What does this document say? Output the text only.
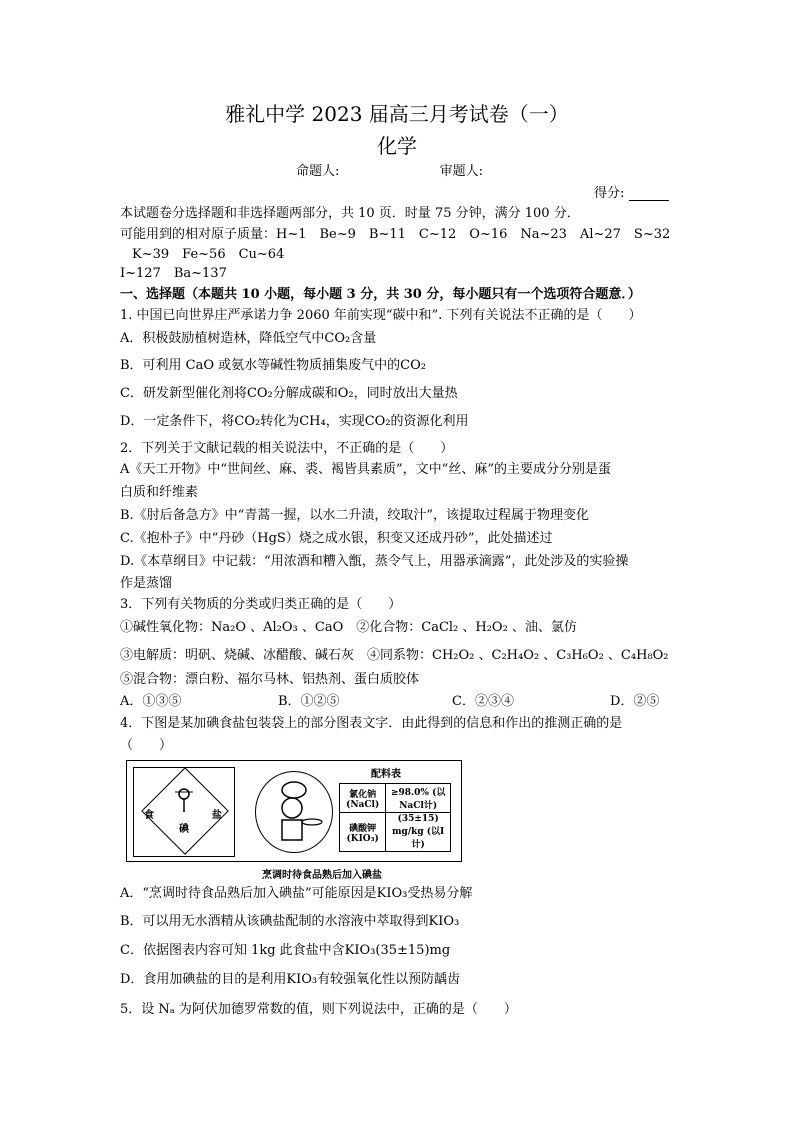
雅礼中学 2023 届高三月考试卷（一）
化学
命题人:	审题人:
得分:
本试题卷分选择题和非选择题两部分，共 10 页．时量 75 分钟，满分 100 分．
可能用到的相对原子质量：H~1　Be~9　B~11　C~12　O~16　Na~23　Al~27　S~32
K~39　Fe~56　Cu~64
I~127　Ba~137
一、选择题（本题共 10 小题，每小题 3 分，共 30 分，每小题只有一个选项符合题意．）
1. 中国已向世界庄严承诺力争 2060 年前实现“碳中和”. 下列有关说法不正确的是（　　）
A．积极鼓励植树造林，降低空气中CO₂含量
B．可利用 CaO 或氨水等碱性物质捕集废气中的CO₂
C．研发新型催化剂将CO₂分解成碳和O₂，同时放出大量热
D．一定条件下，将CO₂转化为CH₄，实现CO₂的资源化利用
2．下列关于文献记载的相关说法中，不正确的是（　　）
A《天工开物》中“世间丝、麻、裘、褐皆具素质”，文中“丝、麻”的主要成分分别是蛋
白质和纤维素
B.《肘后备急方》中“青蒿一握，以水二升渍，绞取汁”，该提取过程属于物理变化
C.《抱朴子》中“丹砂（HgS）烧之成水银，积变又还成丹砂”，此处描述过
D.《本草纲目》中记载：“用浓酒和糟入甑，蒸令气上，用器承滴露”，此处涉及的实验操
作是蒸馏
3．下列有关物质的分类或归类正确的是（　　）
①碱性氧化物：Na₂O 、Al₂O₃ 、CaO　②化合物：CaCl₂ 、H₂O₂ 、油、氯仿
③电解质：明矾、烧碱、冰醋酸、碱石灰　④同系物：CH₂O₂ 、C₂H₄O₂ 、C₃H₆O₂ 、C₄H₈O₂
⑤混合物：漂白粉、福尔马林、铝热剂、蛋白质胶体
A．①③⑤	B．①②⑤	C．②③④	D．②⑤
4．下图是某加碘食盐包装袋上的部分图表文字．由此得到的信息和作出的推测正确的是
（　　）
食
碘
盐
配料表
氯化钠 (NaCl)	≥98.0% (以NaCl计)
碘酸钾 (KIO₃)	(35±15) mg/kg (以I计)
烹调时待食品熟后加入碘盐
A．“烹调时待食品熟后加入碘盐”可能原因是KIO₃受热易分解
B．可以用无水酒精从该碘盐配制的水溶液中萃取得到KIO₃
C．依据图表内容可知 1kg 此食盐中含KIO₃(35±15)mg
D．食用加碘盐的目的是利用KIO₃有较强氧化性以预防龋齿
5．设 Nₐ 为阿伏加德罗常数的值，则下列说法中，正确的是（　　）
